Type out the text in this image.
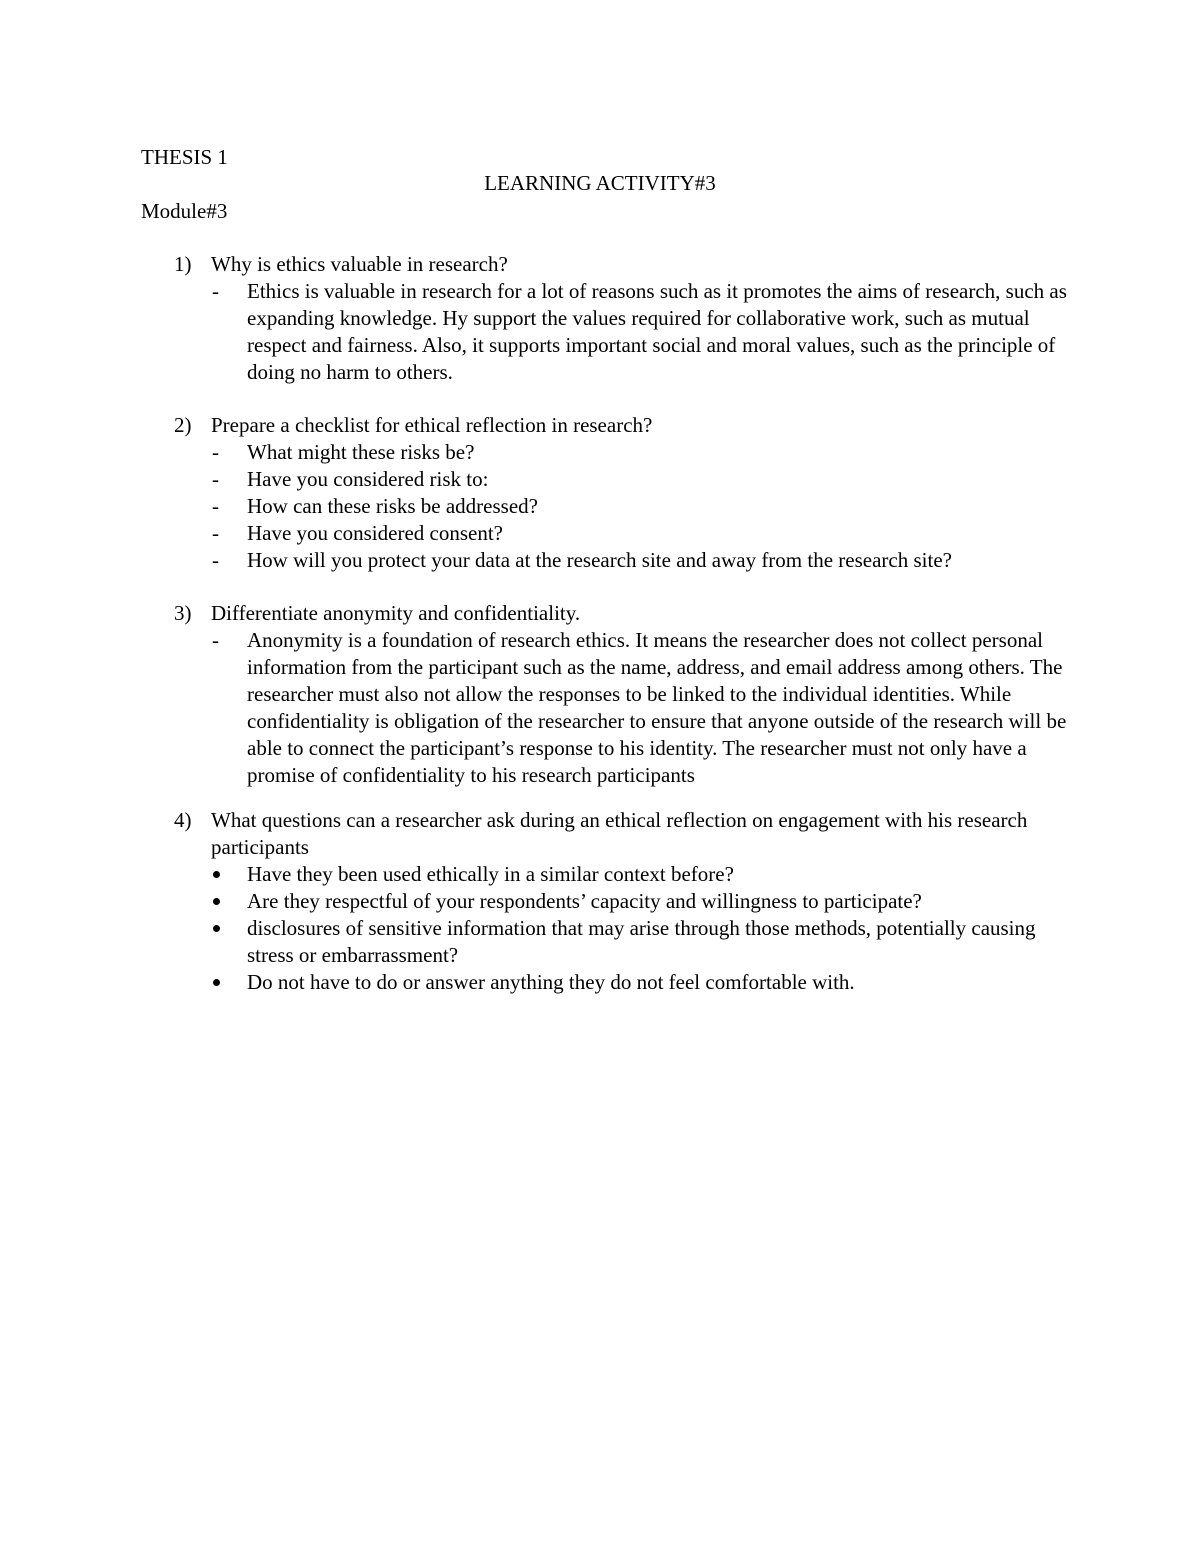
THESIS 1
LEARNING ACTIVITY#3
Module#3
1) Why is ethics valuable in research?
- Ethics is valuable in research for a lot of reasons such as it promotes the aims of research, such as expanding knowledge. Hy support the values required for collaborative work, such as mutual respect and fairness. Also, it supports important social and moral values, such as the principle of doing no harm to others.
2) Prepare a checklist for ethical reflection in research?
- What might these risks be?
- Have you considered risk to:
- How can these risks be addressed?
- Have you considered consent?
- How will you protect your data at the research site and away from the research site?
3) Differentiate anonymity and confidentiality.
- Anonymity is a foundation of research ethics. It means the researcher does not collect personal information from the participant such as the name, address, and email address among others. The researcher must also not allow the responses to be linked to the individual identities. While confidentiality is obligation of the researcher to ensure that anyone outside of the research will be able to connect the participant’s response to his identity. The researcher must not only have a promise of confidentiality to his research participants
4) What questions can a researcher ask during an ethical reflection on engagement with his research participants
Have they been used ethically in a similar context before?
Are they respectful of your respondents’ capacity and willingness to participate?
disclosures of sensitive information that may arise through those methods, potentially causing stress or embarrassment?
Do not have to do or answer anything they do not feel comfortable with.
